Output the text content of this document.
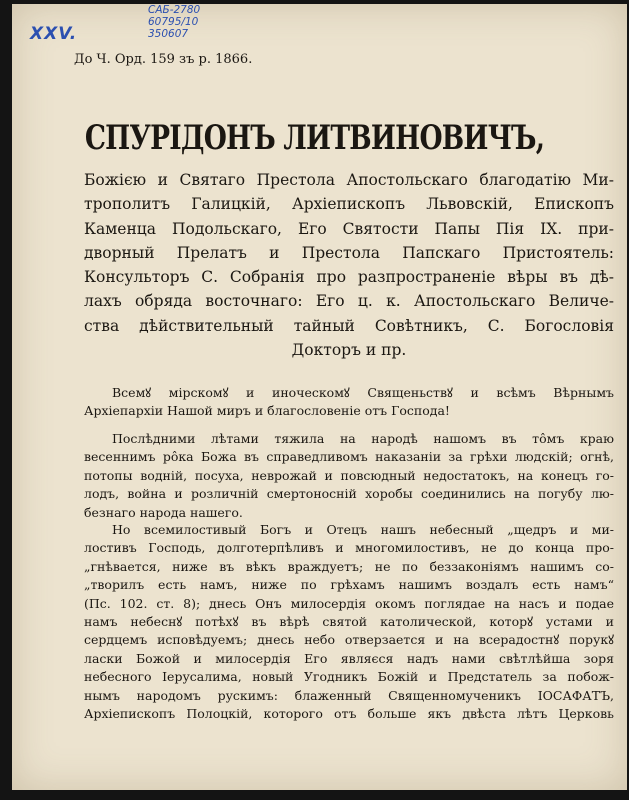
XXV.
САБ-2780
60795/10
350607
До Ч. Орд. 159 зъ р. 1866.
СПУРІДОНЪ ЛИТВИНОВИЧЪ,
Божією и Святаго Престола Апостольскаго благодатію Ми-
трополитъ Галицкій, Архіепископъ Львовскій, Епископъ
Каменца Подольскаго, Его Святости Папы Пія IX. при-
дворный Прелатъ и Престола Папскаго Пристоятель:
Консульторъ С. Собранія про разпространеніе вѣры въ дѣ-
лахъ обряда восточнаго: Его ц. к. Апостольскаго Величе-
ства дѣйствительный тайный Совѣтникъ, С. Богословія
Докторъ и пр.
Всемꙋ мірскомꙋ и иноческомꙋ Священьствꙋ и всѣмъ Вѣрнымъ
Архіепархіи Нашой миръ и благословеніе отъ Господа!
Послѣдними лѣтами тяжила на народѣ нашомъ въ тôмъ краю
весеннимъ рôка Божа въ справедливомъ наказаніи за грѣхи людскій; огнѣ,
потопы водній, посуха, неврожай и повсюдный недостатокъ, на конецъ го-
лодъ, война и розличній смертоносній хоробы соединились на погубу лю-
безнаго народа нашего.
Но всемилостивый Богъ и Отецъ нашъ небесный „щедръ и ми-
лостивъ Господь, долготерпѣливъ и многомилостивъ, не до конца про-
„гнѣвается, ниже въ вѣкъ враждуетъ; не по беззаконіямъ нашимъ со-
„творилъ есть намъ, ниже по грѣхамъ нашимъ воздалъ есть намъ“
(Пс. 102. ст. 8); днесь Онъ милосердія окомъ поглядае на насъ и подае
намъ небеснꙋ потѣхꙋ въ вѣрѣ святой католической, которꙋ устами и
сердцемъ исповѣдуемъ; днесь небо отверзается и на всерадостнꙋ порукꙋ
ласки Божой и милосердія Его являєся надъ нами свѣтлѣйша зоря
небесного Іерусалима, новый Угодникъ Божій и Предстатель за побож-
нымъ народомъ рускимъ: блаженный Священномученикъ ІОСАФАТЪ,
Архіепископъ Полоцкій, которого отъ больше якъ двѣста лѣтъ Церковь
